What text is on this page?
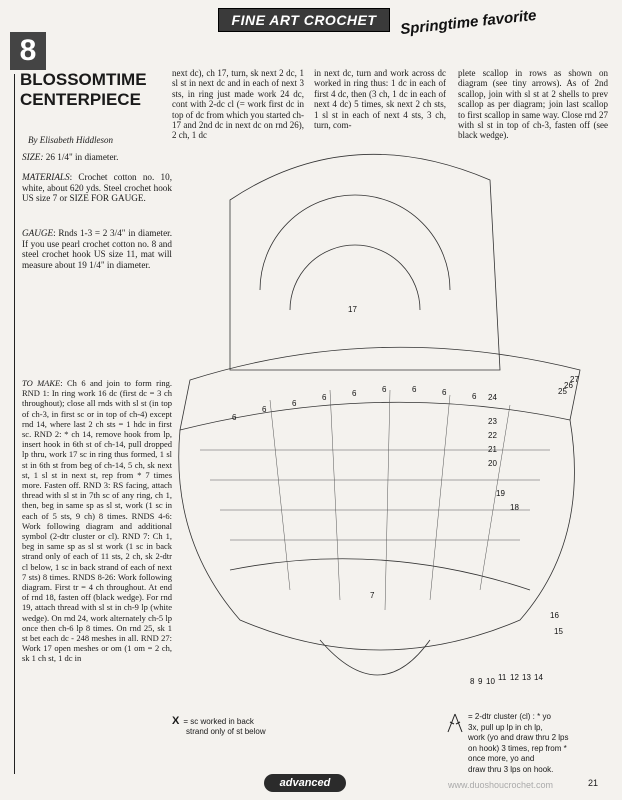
FINE ART CROCHET Springtime favorite
8
BLOSSOMTIME
CENTERPIECE
By Elisabeth Hiddleson
SIZE: 26 1/4" in diameter.
MATERIALS: Crochet cotton no. 10, white, about 620 yds. Steel crochet hook US size 7 or SIZE FOR GAUGE.
GAUGE: Rnds 1-3 = 2 3/4" in diameter. If you use pearl crochet cotton no. 8 and steel crochet hook US size 11, mat will measure about 19 1/4" in diameter.
TO MAKE: Ch 6 and join to form ring. RND 1: In ring work 16 dc (first dc = 3 ch throughout); close all rnds with sl st (in top of ch-3, in first sc or in top of ch-4) except rnd 14, where last 2 ch sts = 1 hdc in first sc. RND 2: * ch 14, remove hook from lp, insert hook in 6th st of ch-14, pull dropped lp thru, work 17 sc in ring thus formed, 1 sl st in 6th st from beg of ch-14, 5 ch, sk next st, 1 sl st in next st, rep from * 7 times more. Fasten off. RND 3: RS facing, attach thread with sl st in 7th sc of any ring, ch 1, then, beg in same sp as sl st, work (1 sc in each of 5 sts, 9 ch) 8 times. RNDS 4-6: Work following diagram and additional symbol (2-dtr cluster or cl). RND 7: Ch 1, beg in same sp as sl st work (1 sc in back strand only of each of 11 sts, 2 ch, sk 2-dtr cl below, 1 sc in back strand of each of next 7 sts) 8 times. RNDS 8-26: Work following diagram. First tr = 4 ch throughout. At end of rnd 18, fasten off (black wedge). For rnd 19, attach thread with sl st in ch-9 lp (white wedge). On rnd 24, work alternately ch-5 lp once then ch-6 lp 8 times. On rnd 25, sk 1 st bet each dc - 248 meshes in all. RND 27: Work 17 open meshes or om (1 om = 2 ch, sk 1 ch st, 1 dc in
next dc), ch 17, turn, sk next 2 dc, 1 sl st in next dc and in each of next 3 sts, in ring just made work 24 dc, cont with 2-dc cl (= work first dc in top of dc from which you started ch-17 and 2nd dc in next dc on rnd 26), 2 ch, 1 dc
in next dc, turn and work across dc worked in ring thus: 1 dc in each of first 4 dc, then (3 ch, 1 dc in each of next 4 dc) 5 times, sk next 2 ch sts, 1 sl st in each of next 4 sts, 3 ch, turn, com-
plete scallop in rows as shown on diagram (see tiny arrows). As of 2nd scallop, join with sl st at 2 shells to prev scallop as per diagram; join last scallop to first scallop in same way. Close rnd 27 with sl st in top of ch-3, fasten off (see black wedge).
6
6
6
6	6	6	6	6	6
17
27
26
25
24
23
22
21
20
19
18
16
15
14
13
12
11
10
9
8
7
X = sc worked in back
strand only of st below
= 2-dtr cluster (cl) : * yo
3x, pull up lp in ch lp,
work (yo and draw thru 2 lps
on hook) 3 times, rep from *
once more, yo and
draw thru 3 lps on hook.
advanced	www.duoshoucrochet.com	21
